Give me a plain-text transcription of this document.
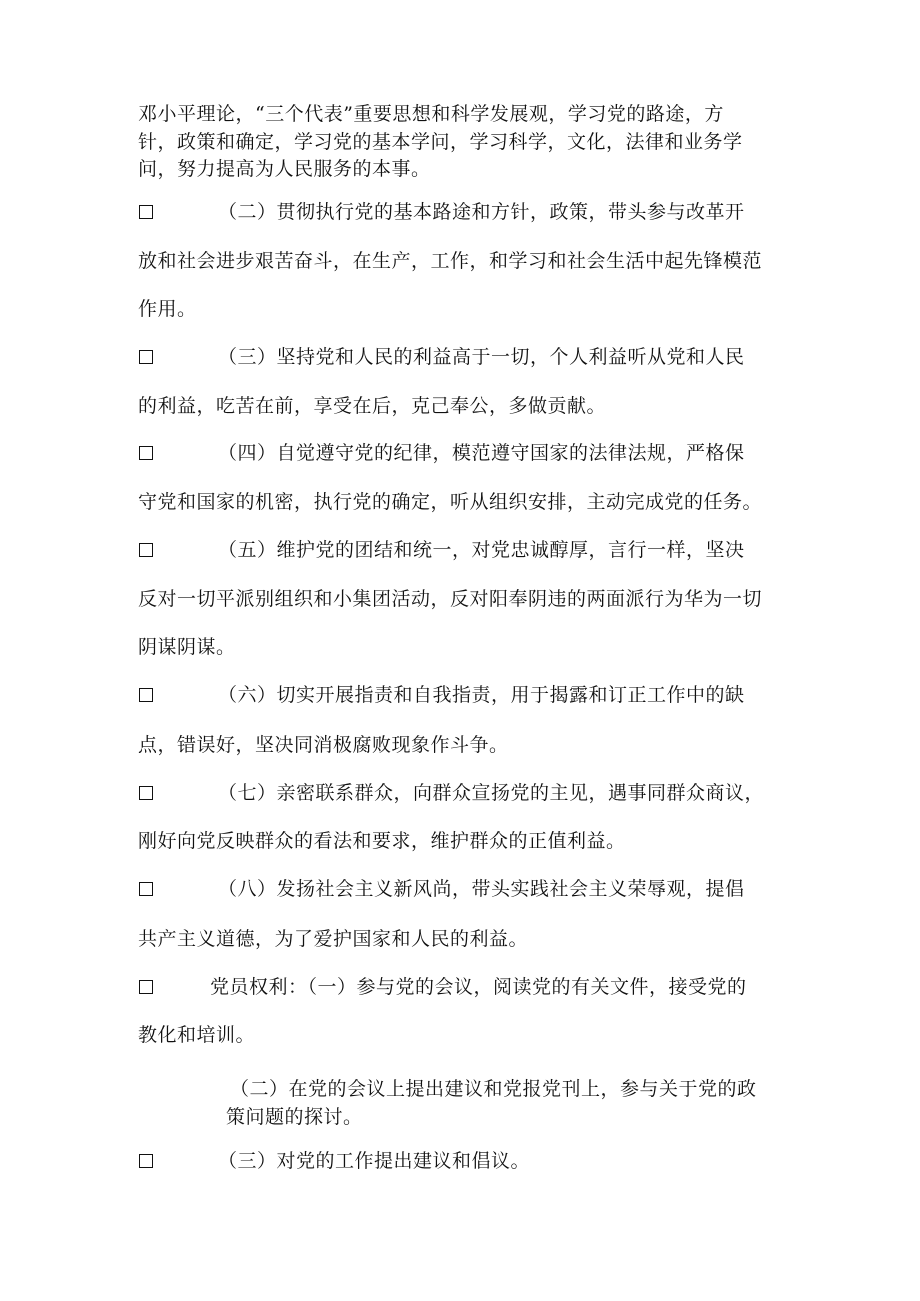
邓小平理论，“三个代表”重要思想和科学发展观，学习党的路途，方
针，政策和确定，学习党的基本学问，学习科学，文化，法律和业务学
问，努力提高为人民服务的本事。
（二）贯彻执行党的基本路途和方针，政策，带头参与改革开
放和社会进步艰苦奋斗，在生产，工作，和学习和社会生活中起先锋模范
作用。
（三）坚持党和人民的利益高于一切，个人利益听从党和人民
的利益，吃苦在前，享受在后，克己奉公，多做贡献。
（四）自觉遵守党的纪律，模范遵守国家的法律法规，严格保
守党和国家的机密，执行党的确定，听从组织安排，主动完成党的任务。
（五）维护党的团结和统一，对党忠诚醇厚，言行一样，坚决
反对一切平派别组织和小集团活动，反对阳奉阴违的两面派行为华为一切
阴谋阴谋。
（六）切实开展指责和自我指责，用于揭露和订正工作中的缺
点，错误好，坚决同消极腐败现象作斗争。
（七）亲密联系群众，向群众宣扬党的主见，遇事同群众商议，
刚好向党反映群众的看法和要求，维护群众的正值利益。
（八）发扬社会主义新风尚，带头实践社会主义荣辱观，提倡
共产主义道德，为了爱护国家和人民的利益。
党员权利：（一）参与党的会议，阅读党的有关文件，接受党的
教化和培训。
（二）在党的会议上提出建议和党报党刊上，参与关于党的政
策问题的探讨。
（三）对党的工作提出建议和倡议。
